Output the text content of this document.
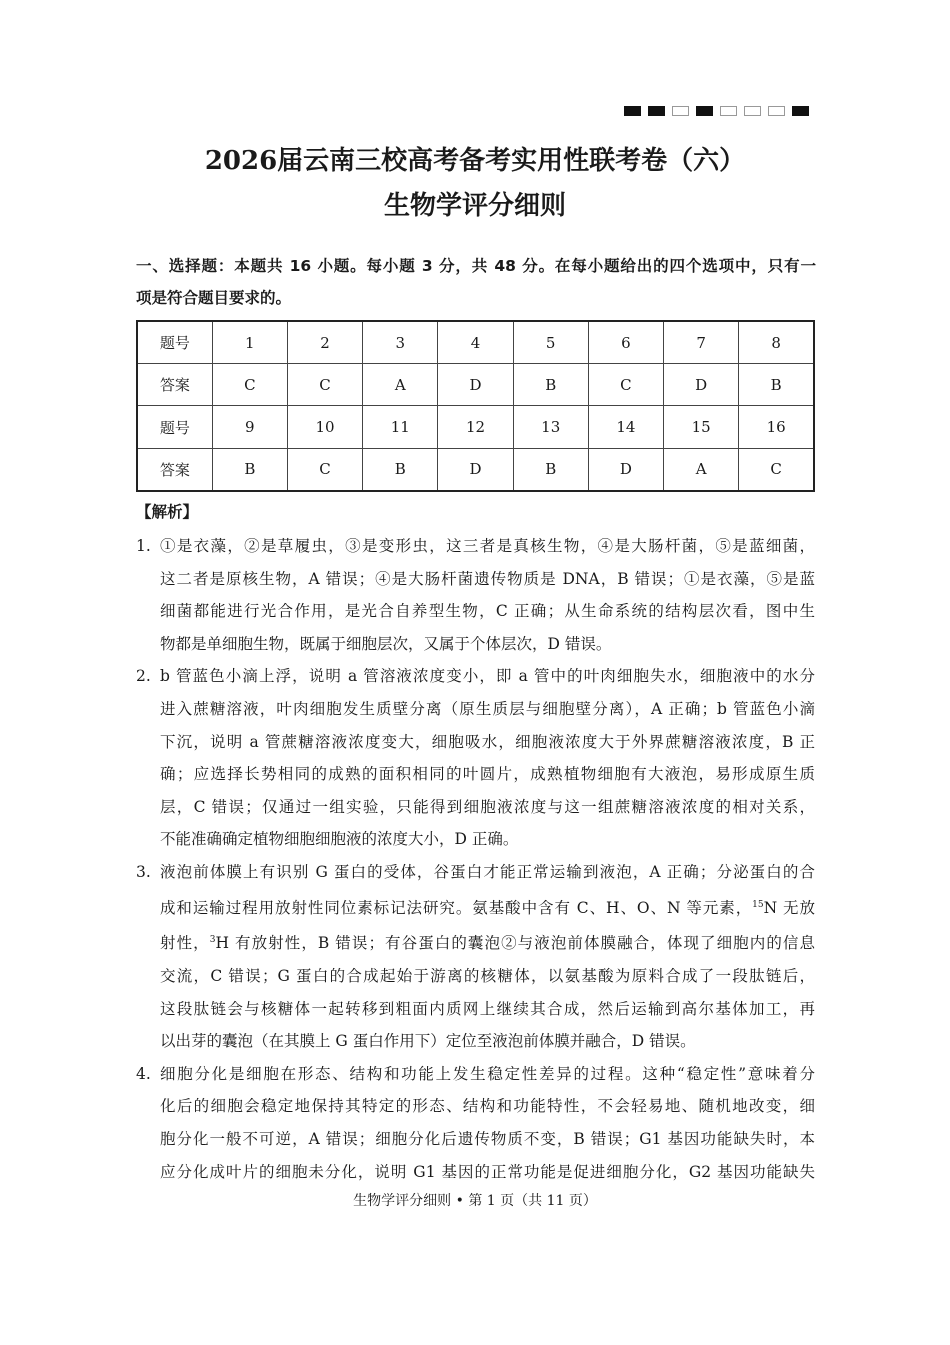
2026届云南三校高考备考实用性联考卷（六）
生物学评分细则
一、选择题：本题共 16 小题。每小题 3 分，共 48 分。在每小题给出的四个选项中，只有一
项是符合题目要求的。
题号	1	2	3	4	5	6	7	8
答案	C	C	A	D	B	C	D	B
题号	9	10	11	12	13	14	15	16
答案	B	C	B	D	B	D	A	C
【解析】
1. ①是衣藻，②是草履虫，③是变形虫，这三者是真核生物，④是大肠杆菌，⑤是蓝细菌，
这二者是原核生物，A 错误；④是大肠杆菌遗传物质是 DNA，B 错误；①是衣藻，⑤是蓝
细菌都能进行光合作用，是光合自养型生物，C 正确；从生命系统的结构层次看，图中生
物都是单细胞生物，既属于细胞层次，又属于个体层次，D 错误。
2. b 管蓝色小滴上浮，说明 a 管溶液浓度变小，即 a 管中的叶肉细胞失水，细胞液中的水分
进入蔗糖溶液，叶肉细胞发生质壁分离（原生质层与细胞壁分离），A 正确；b 管蓝色小滴
下沉，说明 a 管蔗糖溶液浓度变大，细胞吸水，细胞液浓度大于外界蔗糖溶液浓度，B 正
确；应选择长势相同的成熟的面积相同的叶圆片，成熟植物细胞有大液泡，易形成原生质
层，C 错误；仅通过一组实验，只能得到细胞液浓度与这一组蔗糖溶液浓度的相对关系，
不能准确确定植物细胞细胞液的浓度大小，D 正确。
3. 液泡前体膜上有识别 G 蛋白的受体，谷蛋白才能正常运输到液泡，A 正确；分泌蛋白的合
成和运输过程用放射性同位素标记法研究。氨基酸中含有 C、H、O、N 等元素，$^{15}$N 无放
射性，$^3$H 有放射性，B 错误；有谷蛋白的囊泡②与液泡前体膜融合，体现了细胞内的信息
交流，C 错误；G 蛋白的合成起始于游离的核糖体，以氨基酸为原料合成了一段肽链后，
这段肽链会与核糖体一起转移到粗面内质网上继续其合成，然后运输到高尔基体加工，再
以出芽的囊泡（在其膜上 G 蛋白作用下）定位至液泡前体膜并融合，D 错误。
4. 细胞分化是细胞在形态、结构和功能上发生稳定性差异的过程。这种“稳定性”意味着分
化后的细胞会稳定地保持其特定的形态、结构和功能特性，不会轻易地、随机地改变，细
胞分化一般不可逆，A 错误；细胞分化后遗传物质不变，B 错误；G1 基因功能缺失时，本
应分化成叶片的细胞未分化，说明 G1 基因的正常功能是促进细胞分化，G2 基因功能缺失
生物学评分细则 • 第 1 页（共 11 页）
